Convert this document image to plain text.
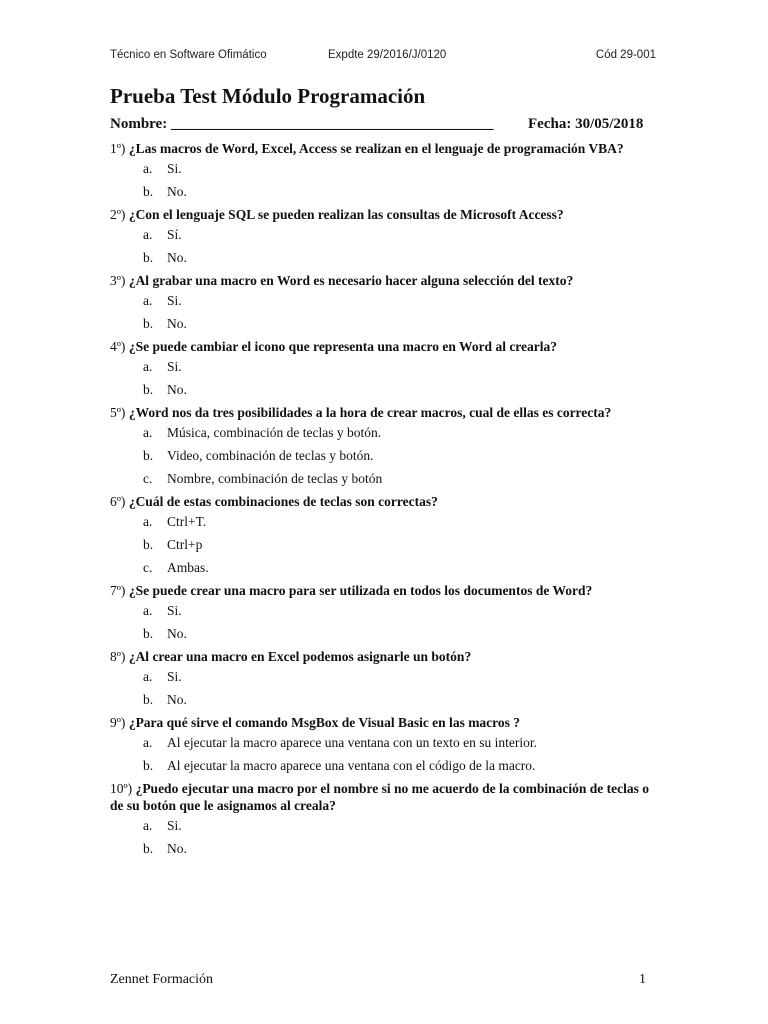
Técnico en Software Ofimático	Expdte 29/2016/J/0120	Cód 29-001
Prueba Test Módulo Programación
Nombre: ___________________________________________ Fecha: 30/05/2018
1º) ¿Las macros de Word, Excel, Access se realizan en el lenguaje de programación VBA?
a. Si.
b. No.
2º) ¿Con el lenguaje SQL se pueden realizan las consultas de Microsoft Access?
a. Sí.
b. No.
3º) ¿Al grabar una macro en Word es necesario hacer alguna selección del texto?
a. Si.
b. No.
4º) ¿Se puede cambiar el icono que representa una macro en Word al crearla?
a. Si.
b. No.
5º) ¿Word nos da tres posibilidades a la hora de crear macros, cual de ellas es correcta?
a. Música, combinación de teclas y botón.
b. Video, combinación de teclas y botón.
c. Nombre, combinación de teclas y botón
6º) ¿Cuál de estas combinaciones de teclas son correctas?
a. Ctrl+T.
b. Ctrl+p
c. Ambas.
7º) ¿Se puede crear una macro para ser utilizada en todos los documentos de Word?
a. Si.
b. No.
8º) ¿Al crear una macro en Excel podemos asignarle un botón?
a. Si.
b. No.
9º) ¿Para qué sirve el comando MsgBox de Visual Basic en las macros ?
a. Al ejecutar la macro aparece una ventana con un texto en su interior.
b. Al ejecutar la macro aparece una ventana con el código de la macro.
10º) ¿Puedo ejecutar una macro por el nombre si no me acuerdo de la combinación de teclas o de su botón que le asignamos al crealа?
a. Si.
b. No.
Zennet Formación	1
